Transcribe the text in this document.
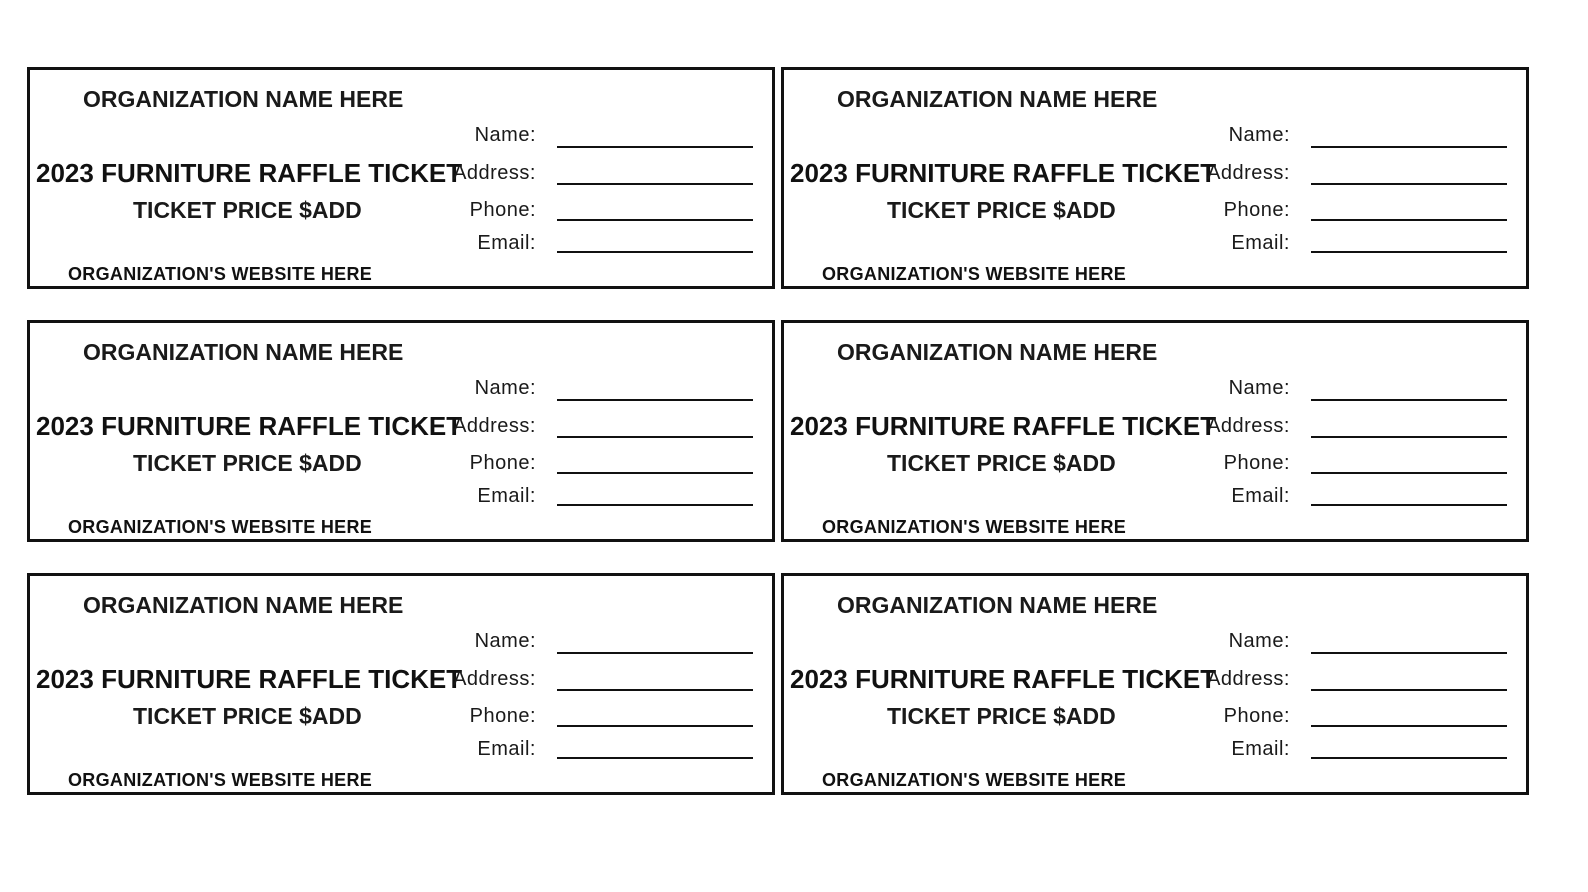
ORGANIZATION NAME HERE
2023 FURNITURE RAFFLE TICKET
TICKET PRICE $ADD
ORGANIZATION'S WEBSITE HERE
Name:
Address:
Phone:
Email:
ORGANIZATION NAME HERE
2023 FURNITURE RAFFLE TICKET
TICKET PRICE $ADD
ORGANIZATION'S WEBSITE HERE
Name:
Address:
Phone:
Email:
ORGANIZATION NAME HERE
2023 FURNITURE RAFFLE TICKET
TICKET PRICE $ADD
ORGANIZATION'S WEBSITE HERE
Name:
Address:
Phone:
Email:
ORGANIZATION NAME HERE
2023 FURNITURE RAFFLE TICKET
TICKET PRICE $ADD
ORGANIZATION'S WEBSITE HERE
Name:
Address:
Phone:
Email:
ORGANIZATION NAME HERE
2023 FURNITURE RAFFLE TICKET
TICKET PRICE $ADD
ORGANIZATION'S WEBSITE HERE
Name:
Address:
Phone:
Email:
ORGANIZATION NAME HERE
2023 FURNITURE RAFFLE TICKET
TICKET PRICE $ADD
ORGANIZATION'S WEBSITE HERE
Name:
Address:
Phone:
Email:
